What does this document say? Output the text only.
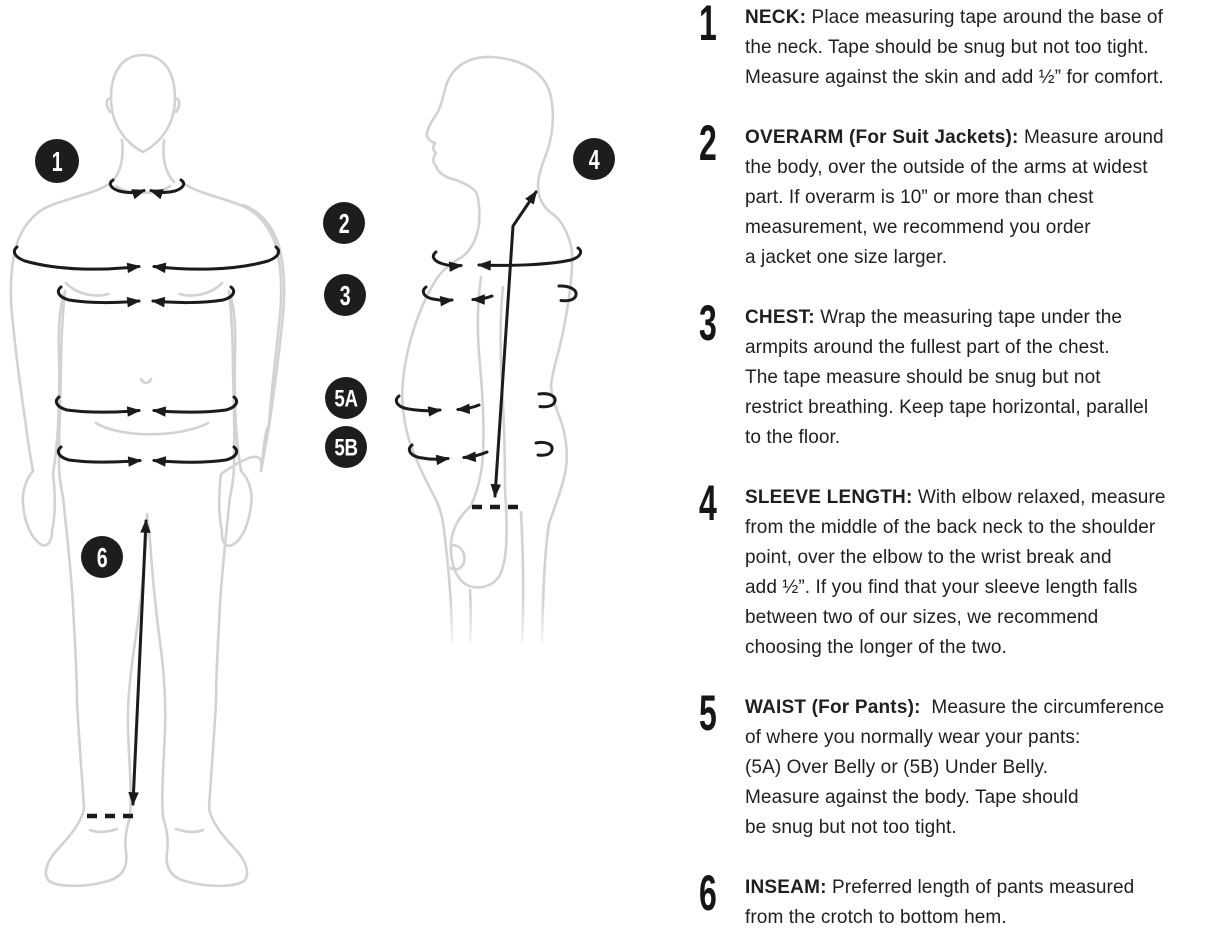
1
2
3
4
5A
5B
6
1	NECK: Place measuring tape around the base of
the neck. Tape should be snug but not too tight.
Measure against the skin and add ½” for comfort.

2	OVERARM (For Suit Jackets): Measure around
the body, over the outside of the arms at widest
part. If overarm is 10” or more than chest
measurement, we recommend you order
a jacket one size larger.

3	CHEST: Wrap the measuring tape under the
armpits around the fullest part of the chest.
The tape measure should be snug but not
restrict breathing. Keep tape horizontal, parallel
to the floor.

4	SLEEVE LENGTH: With elbow relaxed, measure
from the middle of the back neck to the shoulder
point, over the elbow to the wrist break and
add ½”. If you find that your sleeve length falls
between two of our sizes, we recommend
choosing the longer of the two.

5	WAIST (For Pants):  Measure the circumference
of where you normally wear your pants:
(5A) Over Belly or (5B) Under Belly.
Measure against the body. Tape should
be snug but not too tight.

6	INSEAM: Preferred length of pants measured
from the crotch to bottom hem.
